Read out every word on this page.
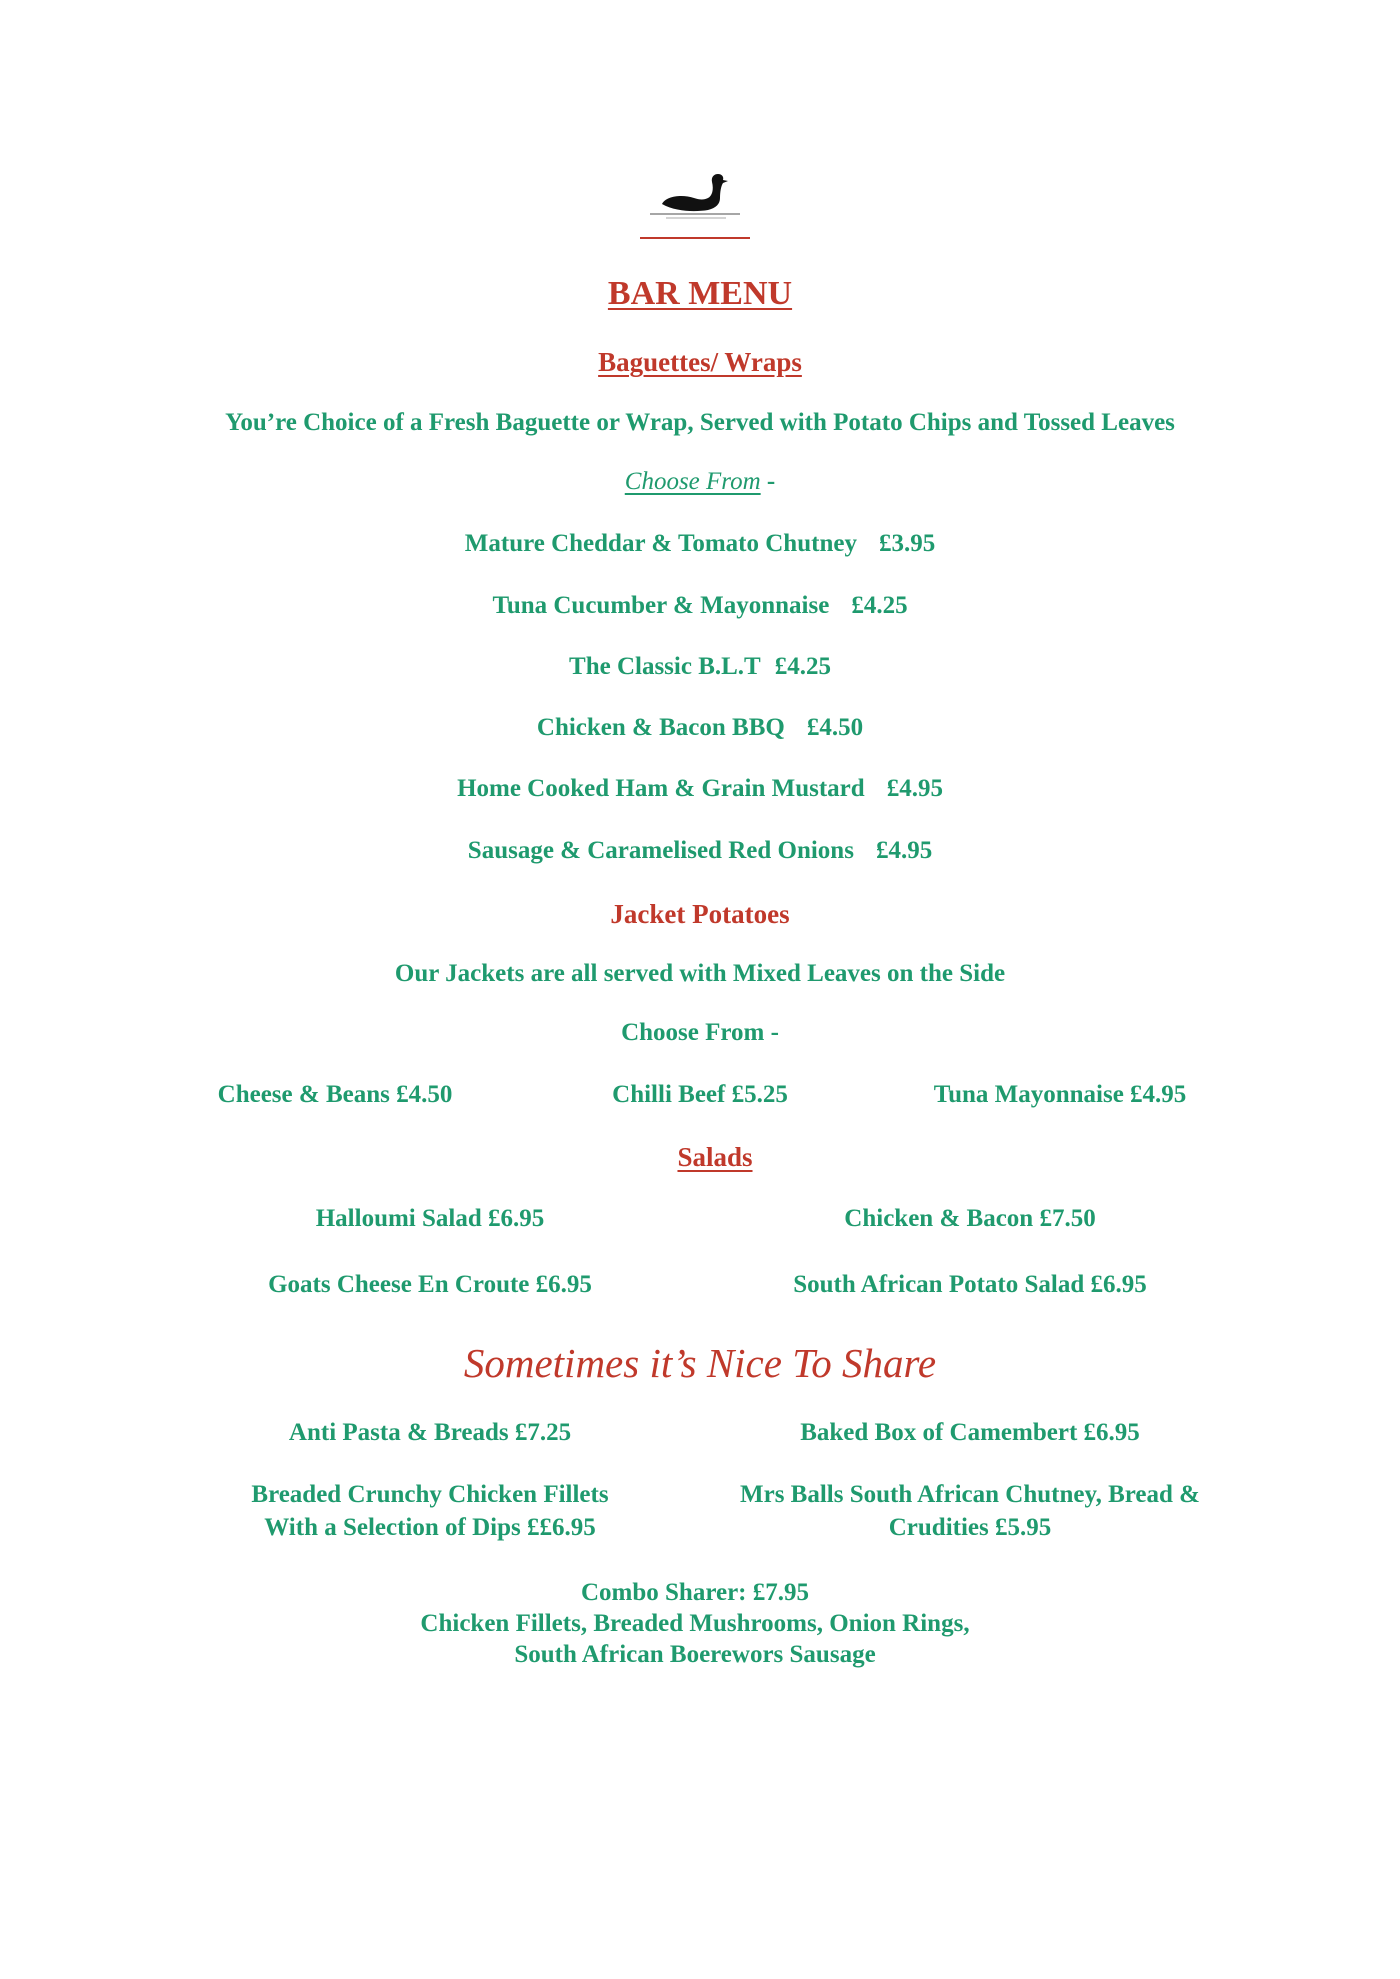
BAR MENU
Baguettes/ Wraps
You’re Choice of a Fresh Baguette or Wrap, Served with Potato Chips and Tossed Leaves
Choose From -
Mature Cheddar & Tomato Chutney £3.95
Tuna Cucumber & Mayonnaise £4.25
The Classic B.L.T £4.25
Chicken & Bacon BBQ £4.50
Home Cooked Ham & Grain Mustard £4.95
Sausage & Caramelised Red Onions £4.95
Jacket Potatoes
Our Jackets are all served with Mixed Leaves on the Side
Choose From -
Cheese & Beans £4.50	Chilli Beef £5.25	Tuna Mayonnaise £4.95
Salads
Halloumi Salad £6.95	Chicken & Bacon £7.50
Goats Cheese En Croute £6.95	South African Potato Salad £6.95
Sometimes it’s Nice To Share
Anti Pasta & Breads £7.25	Baked Box of Camembert £6.95
Breaded Crunchy Chicken Fillets
With a Selection of Dips ££6.95
Mrs Balls South African Chutney, Bread &
Crudities £5.95
Combo Sharer: £7.95
Chicken Fillets, Breaded Mushrooms, Onion Rings,
South African Boerewors Sausage
